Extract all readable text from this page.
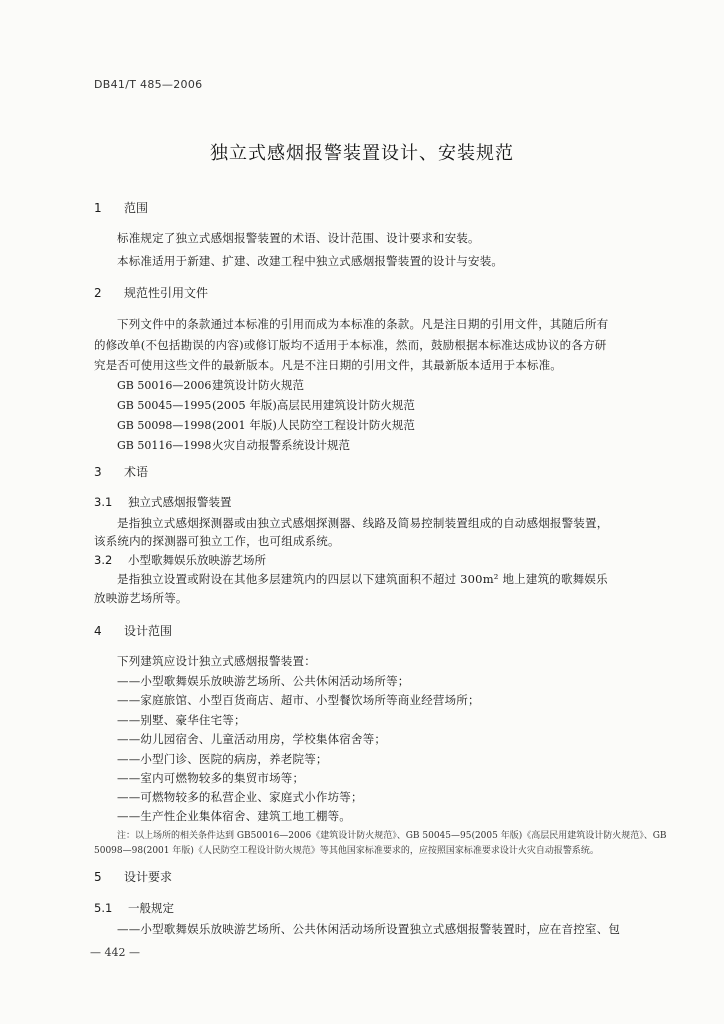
DB41/T 485—2006
独立式感烟报警装置设计、安装规范
1 范围
标准规定了独立式感烟报警装置的术语、设计范围、设计要求和安装。
本标准适用于新建、扩建、改建工程中独立式感烟报警装置的设计与安装。
2 规范性引用文件
下列文件中的条款通过本标准的引用而成为本标准的条款。凡是注日期的引用文件，其随后所有
的修改单(不包括勘误的内容)或修订版均不适用于本标准，然而，鼓励根据本标准达成协议的各方研
究是否可使用这些文件的最新版本。凡是不注日期的引用文件，其最新版本适用于本标准。
GB 50016—2006建筑设计防火规范
GB 50045—1995(2005 年版)高层民用建筑设计防火规范
GB 50098—1998(2001 年版)人民防空工程设计防火规范
GB 50116—1998火灾自动报警系统设计规范
3 术语
3.1 独立式感烟报警装置
是指独立式感烟探测器或由独立式感烟探测器、线路及简易控制装置组成的自动感烟报警装置，
该系统内的探测器可独立工作，也可组成系统。
3.2 小型歌舞娱乐放映游艺场所
是指独立设置或附设在其他多层建筑内的四层以下建筑面积不超过 300m² 地上建筑的歌舞娱乐
放映游艺场所等。
4 设计范围
下列建筑应设计独立式感烟报警装置：
——小型歌舞娱乐放映游艺场所、公共休闲活动场所等；
——家庭旅馆、小型百货商店、超市、小型餐饮场所等商业经营场所；
——别墅、豪华住宅等；
——幼儿园宿舍、儿童活动用房，学校集体宿舍等；
——小型门诊、医院的病房，养老院等；
——室内可燃物较多的集贸市场等；
——可燃物较多的私营企业、家庭式小作坊等；
——生产性企业集体宿舍、建筑工地工棚等。
注：以上场所的相关条件达到 GB50016—2006《建筑设计防火规范》、GB 50045—95(2005 年版)《高层民用建筑设计防火规范》、GB
50098—98(2001 年版)《人民防空工程设计防火规范》等其他国家标准要求的，应按照国家标准要求设计火灾自动报警系统。
5 设计要求
5.1 一般规定
——小型歌舞娱乐放映游艺场所、公共休闲活动场所设置独立式感烟报警装置时，应在音控室、包
— 442 —
